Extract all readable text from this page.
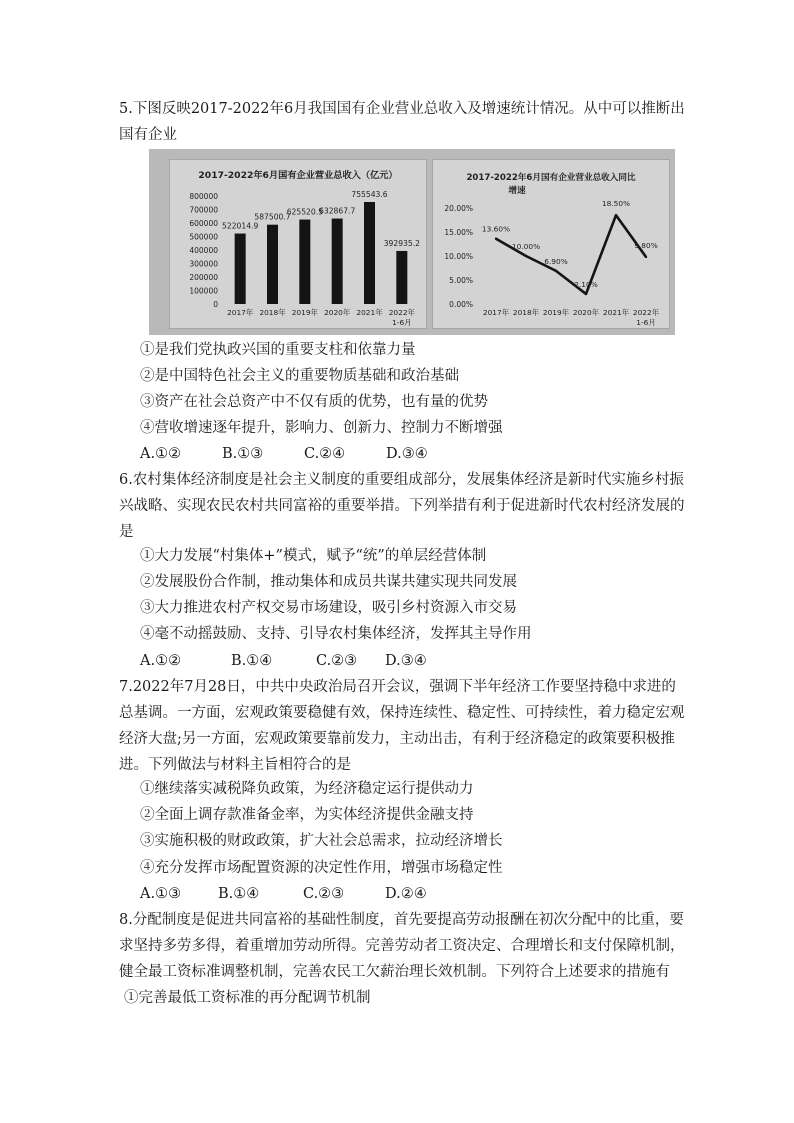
5.下图反映2017-2022年6月我国国有企业营业总收入及增速统计情况。从中可以推断出
国有企业
2017-2022年6月国有企业营业总收入（亿元）
800000
700000
600000
500000
400000
300000
200000
100000
0
522014.9
2017年
587500.7
2018年
625520.5
2019年
632867.7
2020年
755543.6
2021年
392935.2
2022年
1-6月
2017-2022年6月国有企业营业总收入同比
增速
20.00%
15.00%
10.00%
5.00%
0.00%
13.60%
2017年
10.00%
2018年
6.90%
2019年
2.10%
2020年
18.50%
2021年
9.80%
2022年
1-6月
①是我们党执政兴国的重要支柱和依靠力量
②是中国特色社会主义的重要物质基础和政治基础
③资产在社会总资产中不仅有质的优势，也有量的优势
④营收增速逐年提升，影响力、创新力、控制力不断增强
A.①②	B.①③	C.②④	D.③④
6.农村集体经济制度是社会主义制度的重要组成部分，发展集体经济是新时代实施乡村振
兴战略、实现农民农村共同富裕的重要举措。下列举措有利于促进新时代农村经济发展的
是
①大力发展“村集体+”模式，赋予“统”的单层经营体制
②发展股份合作制，推动集体和成员共谋共建实现共同发展
③大力推进农村产权交易市场建设，吸引乡村资源入市交易
④毫不动摇鼓励、支持、引导农村集体经济，发挥其主导作用
A.①②	B.①④	C.②③ D.③④
7.2022年7月28日，中共中央政治局召开会议，强调下半年经济工作要坚持稳中求进的
总基调。一方面，宏观政策要稳健有效，保持连续性、稳定性、可持续性，着力稳定宏观
经济大盘;另一方面，宏观政策要靠前发力，主动出击，有利于经济稳定的政策要积极推
进。下列做法与材料主旨相符合的是
①继续落实减税降负政策，为经济稳定运行提供动力
②全面上调存款准备金率，为实体经济提供金融支持
③实施积极的财政政策，扩大社会总需求，拉动经济增长
④充分发挥市场配置资源的决定性作用，增强市场稳定性
A.①③	B.①④	C.②③	D.②④
8.分配制度是促进共同富裕的基础性制度，首先要提高劳动报酬在初次分配中的比重，要
求坚持多劳多得，着重增加劳动所得。完善劳动者工资决定、合理增长和支付保障机制，
健全最工资标准调整机制，完善农民工欠薪治理长效机制。下列符合上述要求的措施有
①完善最低工资标准的再分配调节机制
